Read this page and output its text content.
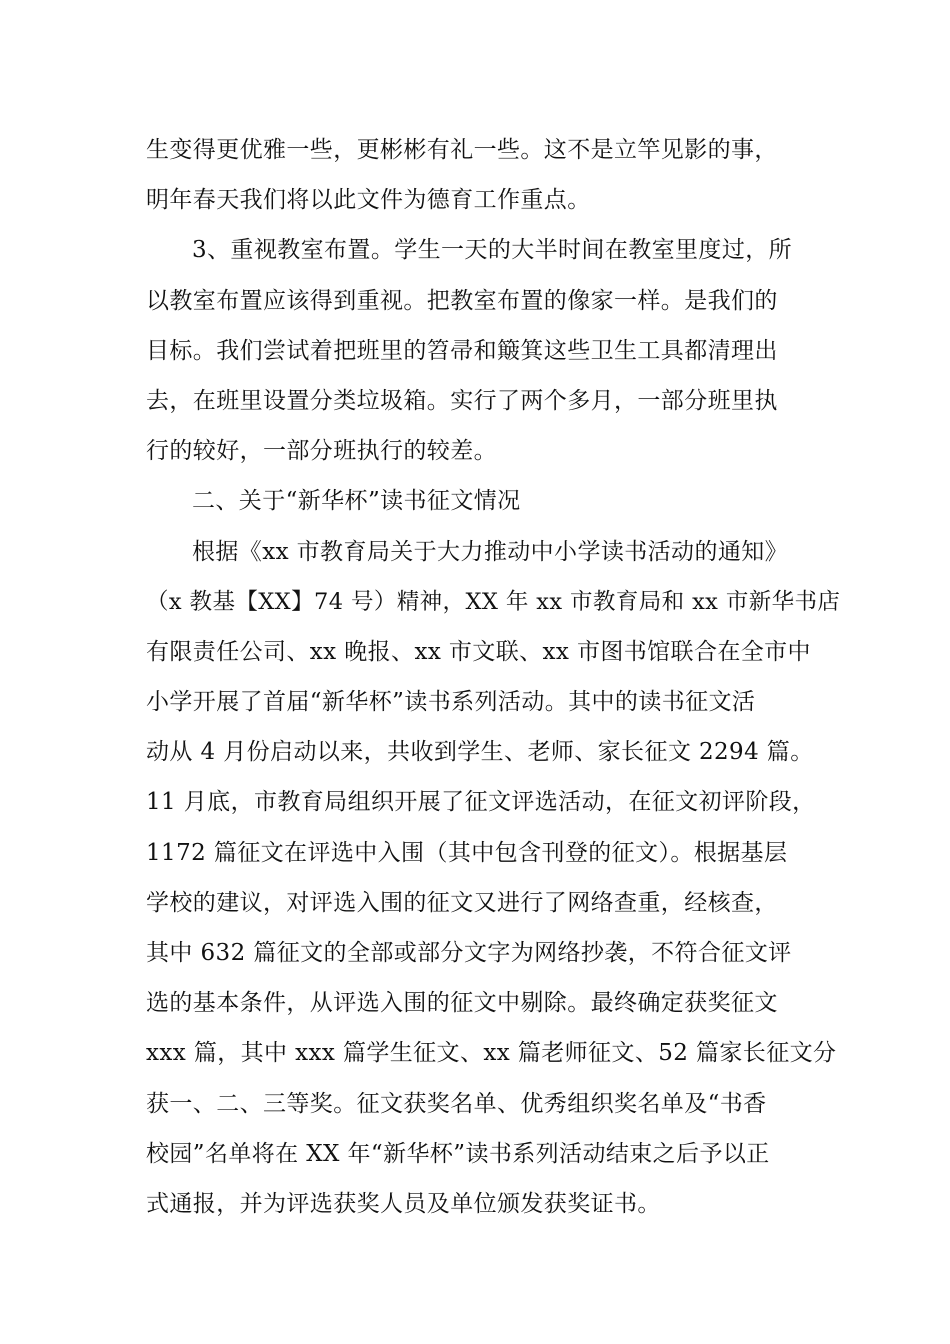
生变得更优雅一些，更彬彬有礼一些。这不是立竿见影的事，
明年春天我们将以此文件为德育工作重点。
3、重视教室布置。学生一天的大半时间在教室里度过，所
以教室布置应该得到重视。把教室布置的像家一样。是我们的
目标。我们尝试着把班里的笤帚和簸箕这些卫生工具都清理出
去，在班里设置分类垃圾箱。实行了两个多月，一部分班里执
行的较好，一部分班执行的较差。
二、关于“新华杯”读书征文情况
根据《xx 市教育局关于大力推动中小学读书活动的通知》
（x 教基【XX】74 号）精神，XX 年 xx 市教育局和 xx 市新华书店
有限责任公司、xx 晚报、xx 市文联、xx 市图书馆联合在全市中
小学开展了首届“新华杯”读书系列活动。其中的读书征文活
动从 4 月份启动以来，共收到学生、老师、家长征文 2294 篇。
11 月底，市教育局组织开展了征文评选活动，在征文初评阶段，
1172 篇征文在评选中入围（其中包含刊登的征文）。根据基层
学校的建议，对评选入围的征文又进行了网络查重，经核查，
其中 632 篇征文的全部或部分文字为网络抄袭，不符合征文评
选的基本条件，从评选入围的征文中剔除。最终确定获奖征文
xxx 篇，其中 xxx 篇学生征文、xx 篇老师征文、52 篇家长征文分
获一、二、三等奖。征文获奖名单、优秀组织奖名单及“书香
校园”名单将在 XX 年“新华杯”读书系列活动结束之后予以正
式通报，并为评选获奖人员及单位颁发获奖证书。
